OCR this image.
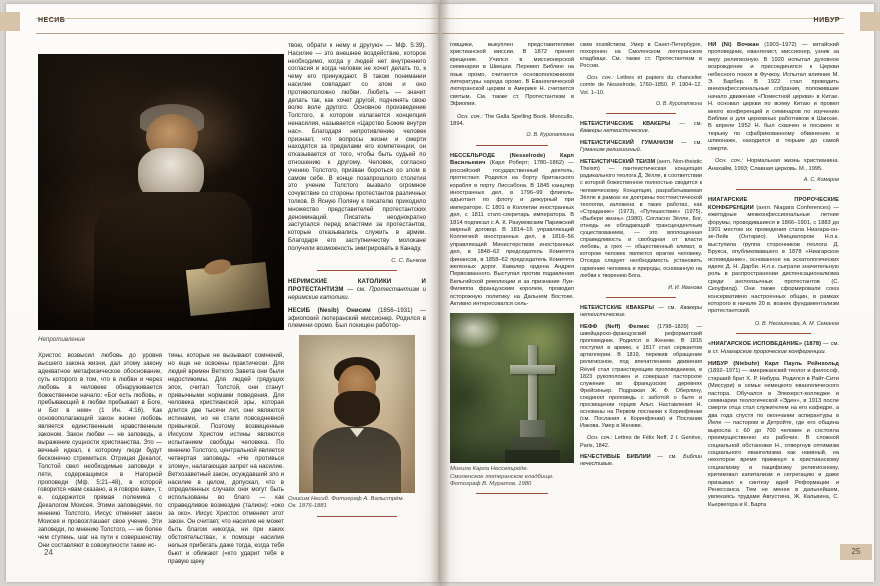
НЕСИБ	НИБУР
Непротивление

Христос возвысил любовь до уровня высшего закона жизни, дал этому закону адекватное метафизическое обоснование, суть которого в том, что в любви и через любовь в человеке обнаруживается божественное начало: «Бог есть любовь, и пребывающий в любви пребывает в Боге, и Бог в нем» (1 Ин. 4:16). Как основополагающий закон жизни любовь является единственным нравственным законом. Закон любви — не заповедь, а выражение сущности христианства. Это — вечный идеал, к которому люди будут бесконечно стремиться. Отрицая Декалог, Толстой свел необходимые заповеди к пяти, содержащимся в Нагорной проповеди (Мф. 5:21–48), в которой говорится «вам сказано, а я говорю вам», т. е. содержится прямая полемика с Декалогом Моисея. Этими заповедями, по мнению Толстого, Иисус отменяет закон Моисея и провозглашает свое учение. Эти заповеди, по мнению Толстого, — не более чем ступень, шаг на пути к совершенству. Они составляют в совокупности такие ис-

тины, которые не вызывают сомнений, но еще не освоены практически. Для людей времен Ветхого Завета они были недостижимы. Для людей грядущих эпох, считал Толстой, они станут привычными нормами поведения. Для человека христианской эры, которая длится две тысячи лет, они являются истинами, но не стали повседневной привычкой. Поэтому возвещенные Иисусом Христом истины являются испытанием свободы человека. По мнению Толстого, центральной является четвертая заповедь: «Не противься злому», налагающая запрет на насилие. Ветхозаветный закон, осуждавший зло и насилие в целом, допускал, что в определенных случаях они могут быть использованы во благо — как справедливое возмездие (талион): «око за око». Иисус Христос отменяет этот закон. Он считает, что насилие не может быть благом никогда, ни при каких обстоятельствах, к помощи насилия нельзя прибегать даже тогда, когда тебя бьют и обижают («кто ударит тебя в правую щеку

твою, обрати к нему и другую» — Мф. 5:39). Насилие — это внешнее воздействие, которое необходимо, когда у людей нет внутреннего согласия и когда человек не хочет делать то, к чему его принуждают. В таком понимании насилие совпадает со злом и оно противоположно любви. Любить — значит делать так, как хочет другой, подчинять свою волю воле другого. Основное произведение Толстого, в котором излагается концепция ненасилия, называется «Царство Божие внутри нас». Благодаря непротивлению человек признает, что вопросы жизни и смерти находятся за пределами его компетенции, он отказывается от того, чтобы быть судьей по отношению к другому. Человек, согласно учению Толстого, призван бороться со злом в самом себе. В конце позапрошлого столетия это учение Толстого вызвало огромное сочувствие со стороны протестантов различных толков. В Ясную Поляну к писателю приходило множество представителей протестантских деноминаций. Писатель неоднократно заступался перед властями за протестантов, которые отказывались служить в армии. Благодаря его заступничеству молокане получили возможность эмигрировать в Канаду.

С. С. Бычков

НЕРИМСКИЕ КАТОЛИКИ И ПРОТЕСТАНТИЗМ — см. Протестантизм и неримские католики.

НЕСИБ (Nesib) Онисим (1856–1931) — эфиопский лютеранский миссионер. Родился в племени оромо. Был похищен работор-

Онисим Несиб. Фотограф А. Вальстрём.
Ок. 1876-1881

говщики, выкуплен представителями христианской миссии. В 1872 принял крещение. Учился в миссионерской семинарии в Швеции. Перевел Библию на язык оромо, считается основоположником литературы народа оромо. В Евангелической лютеранской церкви в Америке Н. считается святым. См. также ст. Протестантизм в Эфиопии.

Осн. соч.: The Galla Spelling Book. Moncullo, 1894.

О. В. Куропаткина

НЕССЕЛЬРОДЕ (Nesselrode) Карл Васильевич (Карл Роберт; 1780–1862) — российский государственный деятель, протестант. Родился на борту британского корабля в порту Лиссабона. В 1845 канцлер иностранных дел, в 1796–99 флигель-адъютант по флоту и дежурный при императоре. С 1801 в Коллегии иностранных дел, с 1811 статс-секретарь императора. В 1814 подписал с А. К. Разумовским Парижский мирный договор. В 1814–16 управляющий Коллегией иностранных дел, в 1816–56 управляющий Министерством иностранных дел, в 1848–62 председатель Комитета финансов, в 1858–62 председатель Комитета железных дорог. Кавалер ордена Андрея Первозванного. Выступал против подавления Бельгийской революции и за признание Луи-Филиппа французским королем, проводил осторожную политику на Дальнем Востоке. Активно интересовался сель-

Могила Карла Нессельроде.
Смоленское лютеранское кладбище.
Фотограф В. Муратов. 1980

ским хозяйством. Умер в Санкт-Петербурге, похоронен на Смоленском лютеранском кладбище. См. также ст. Протестантизм в России.

Осн. соч.: Lettres et papiers du chancelier comte de Nesselrode, 1760–1850. P. 1904–12. Vol. 1–10.

О. В. Куропаткина

НЕТЕИСТИЧЕСКИЕ КВАКЕРЫ — см. Квакеры нетеистические.

НЕТЕИСТИЧЕСКИЙ ГУМАНИЗМ — см. Гуманизм религиозный.

НЕТЕИСТИЧЕСКИЙ ТЕИЗМ (англ. Non-theistic Theism) — пантеистическая концепция радикального теолога Д. Зёлле, в соответствии с которой божественное полностью сводится к человеческому. Концепция, разрабатываемая Зёлле в рамках ее доктрины посттеистической теологии, изложена в таких работах, как «Страдание» (1973), «Путешествие» (1975), «Выбери жизнь» (1980). Согласно Зёлле, Бог, отнюдь не обладающий трансцендентным существованием, — это воплощенная справедливость и свободная от власти любовь, а грех — общественный климат, в котором человек является врагом человеку. Отсюда следует необходимость установить гармонию человека и природы, основанную на любви к творению Бога.

И. И. Иванова

НЕТЕИСТСКИЕ КВАКЕРЫ — см. Квакеры нетеистические.

НЕФФ (Neff) Феликс (1798–1829) — швейцарско-французский реформатский проповедник. Родился в Женеве. В 1815 поступил в армию, к 1817 стал сержантом артиллерии. В 1819, пережив обращение религиозное, под впечатлением движения Réveil стал странствующим проповедником, в 1823 рукоположен и совершал пасторское служение во французских деревнях Фрейсиньер. Подражая Ж. Ф. Оберлину, соединял проповедь с заботой о быте и просвещении горцев Альп. Наставления Н. основаны на Первом послании к Коринфянам (см. Послания к Коринфянам) и Послании Иакова. Умер в Женеве.

Осн. соч.: Lettres de Félix Neff. 2 t. Genève, Paris, 1842.

НЕЧЕСТИВЫЕ БИБЛИИ — см. Библии нечестивые.

НИ (Ni) Вочжан (1903–1972) — китайский проповедник, евангелист, миссионер, узник за веру религиозную. В 1920 испытал духовное возрождение и присоединился к Церкви небесного покоя в Фучжоу. Испытал влияние М. Э. Барбер. В 1922 стал проводить внеконфессиональные собрания, положившие начало движение «Поместной церкви» в Китае. Н. основал церкви по всему Китаю и провел много конференций и семинаров по изучению Библии и для церковных работников в Шанхае. В апреле 1952 Н. был схвачен и посажен в тюрьму по сфабрикованному обвинению в шпионаже, находился в тюрьме до самой смерти.

Осн. соч.: Нормальная жизнь христианина. Анахайм, 1993; Славная церковь. М., 1995.

А. С. Комаров

НИАГАРСКИЕ ПРОРОЧЕСКИЕ КОНФЕРЕНЦИИ (англ. Niagara Conferences) — ежегодные межконфессиональные летние форумы, проводившиеся в 1866–1901, с 1883 до 1901 местом их проведения стала Ниагара-он-зе-Лейк (Онтарио). Инициатором Н.п.к. выступила группа сторонников теолога Д. Брукса, опубликовавшего в 1878 «Ниагарское исповедание», основанное на эсхатологических идеях Д. Н. Дарби. Н.п.к. сыграли значительную роль в распространении диспенсационализма среди англоязычных протестантов (С. Скоуфилд). Они также сформировали союз консервативно настроенных общин, в рамках которого в начале 20 в. возник фундаментализм протестантский.

О. В. Несмиянова, А. М. Семанов

«НИАГАРСКОЕ ИСПОВЕДАНИЕ» (1878) — см. в ст. Ниагарские пророческие конференции.

НИБУР (Niebuhr) Карл Пауль Рейнхольд (1892–1971) — американский теолог и философ, старший брат Х. Р. Нибура. Родился в Райт-Сити (Миссури) в семье немецкого евангелического пастора. Обучался в Элмхерст-колледже и семинарии теологической «Эден», в 1913 после смерти отца стал служителем на его кафедре, а два года спустя по окончании аспирантуры в Йеле — пастором в Детройте, где его община выросла с 60 до 700 человек и состояла преимущественно из рабочих. В сложной социальной обстановке Н., отвергнув оптимизм социального евангелизма как наивный, на некоторое время примкнул к христианскому социализму и пацифизму религиозному, критиковал капитализм и сегрегацию и даже призывал к синтезу идей Реформации и Ренессанса. Тем не менее в дальнейшем, увлекаясь трудами Августина, Ж. Кальвина, С. Кьеркегора и К. Барта

24	25
